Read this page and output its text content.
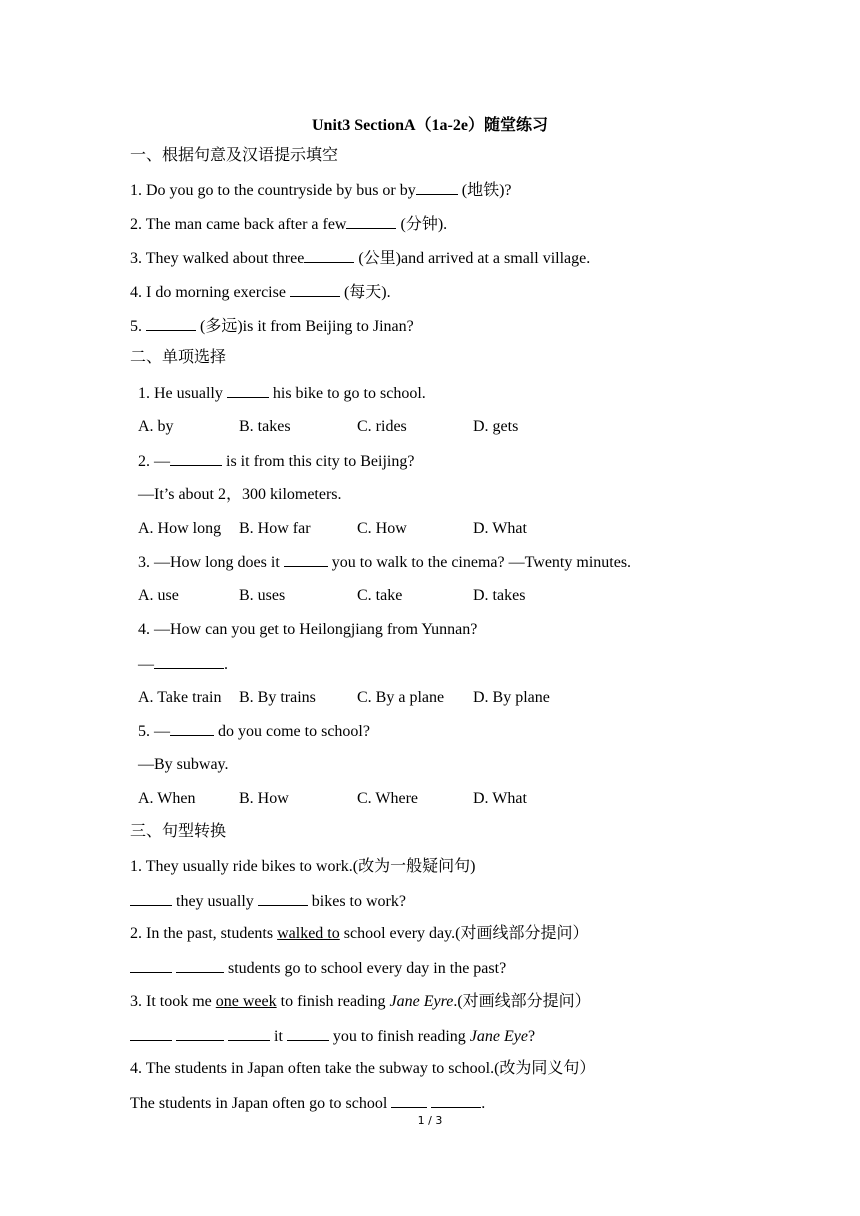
Unit3 SectionA（1a-2e）随堂练习
一、根据句意及汉语提示填空
1. Do you go to the countryside by bus or by	(地铁)?
2. The man came back after a few	(分钟).
3. They walked about three	(公里)and arrived at a small village.
4. I do morning exercise	(每天).
5.	(多远)is it from Beijing to Jinan?
二、单项选择
1. He usually	his bike to go to school.
A. by	B. takes	C. rides	D. gets
2. —	is it from this city to Beijing?
—It’s about 2，300 kilometers.
A. How long B. How far	C. How	D. What
3. —How long does it	you to walk to the cinema? —Twenty minutes.
A. use	B. uses	C. take	D. takes
4. —How can you get to Heilongjiang from Yunnan?
—	.
A. Take train B. By trains	C. By a plane D. By plane
5. —	do you come to school?
—By subway.
A. When	B. How	C. Where	D. What
三、句型转换
1. They usually ride bikes to work.(改为一般疑问句)
they usually	bikes to work?
2. In the past, students walked to school every day.(对画线部分提问）
students go to school every day in the past?
3. It took me one week to finish reading Jane Eyre.(对画线部分提问）
it	you to finish reading Jane Eye?
4. The students in Japan often take the subway to school.(改为同义句）
The students in Japan often go to school	.
1 / 3
